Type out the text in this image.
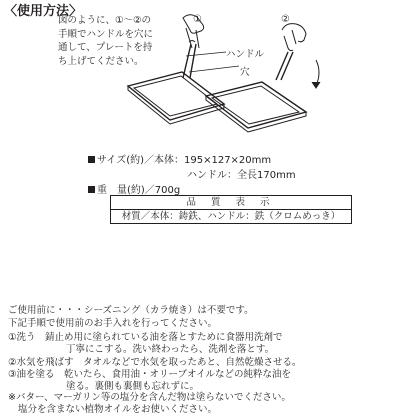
〈使用方法〉
図のように、①～②の
手順でハンドルを穴に
通して、プレートを持
ち上げてください。
①	②
ハンドル
穴
サイズ(約)／本体：195×127×20mm
ハンドル：全長170mm
重　量(約)／700g
品 質 表 示
材質／本体：鋳鉄、ハンドル：鉄（クロムめっき）
ご使用前に・・・シーズニング（カラ焼き）は不要です。
下記手順で使用前のお手入れを行ってください。
①洗う　錆止め用に塗られている油を落とすために食器用洗剤で
丁寧にこする。洗い終わったら、洗剤を落とす。
②水気を飛ばす　タオルなどで水気を取ったあと、自然乾燥させる。
③油を塗る　乾いたら、食用油・オリーブオイルなどの純粋な油を
塗る。裏側も裏側も忘れずに。
※バター、マーガリン等の塩分を含んだ物は塗らないでください。
塩分を含まない植物オイルをお使いください。
